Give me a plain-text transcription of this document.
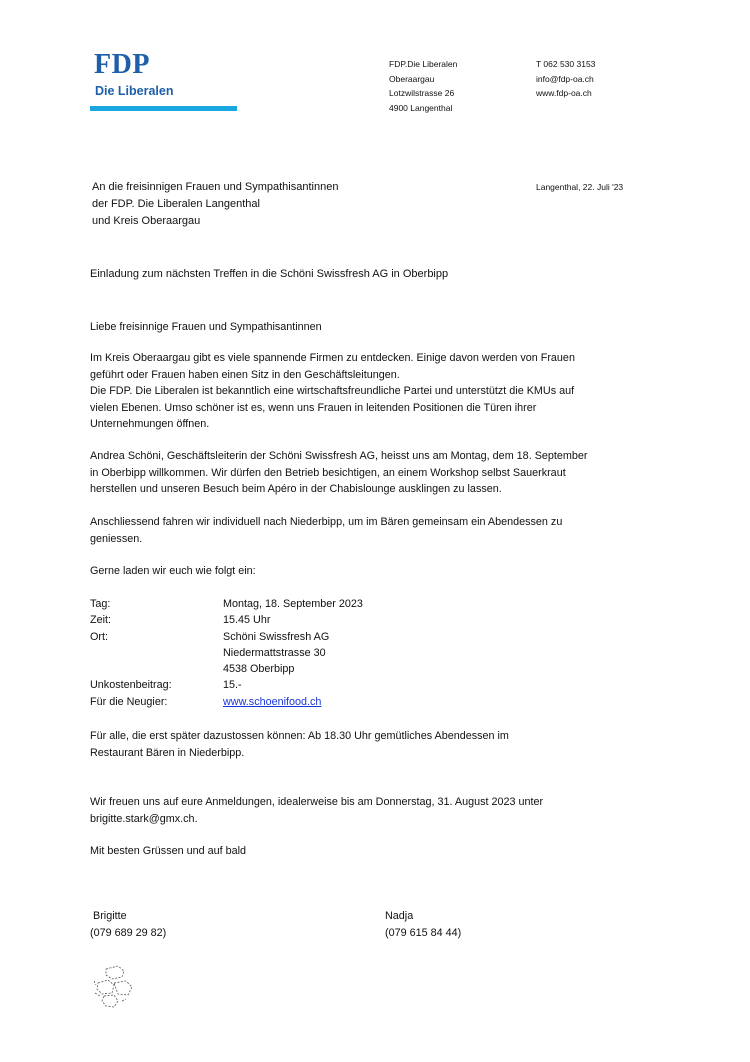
FDP
Die Liberalen
FDP.Die Liberalen
Oberaargau
Lotzwilstrasse 26
4900 Langenthal
T 062 530 3153
info@fdp-oa.ch
www.fdp-oa.ch
An die freisinnigen Frauen und Sympathisantinnen
der FDP. Die Liberalen Langenthal
und Kreis Oberaargau
Langenthal, 22. Juli '23
Einladung zum nächsten Treffen in die Schöni Swissfresh AG in Oberbipp
Liebe freisinnige Frauen und Sympathisantinnen
Im Kreis Oberaargau gibt es viele spannende Firmen zu entdecken. Einige davon werden von Frauen
geführt oder Frauen haben einen Sitz in den Geschäftsleitungen.
Die FDP. Die Liberalen ist bekanntlich eine wirtschaftsfreundliche Partei und unterstützt die KMUs auf
vielen Ebenen. Umso schöner ist es, wenn uns Frauen in leitenden Positionen die Türen ihrer
Unternehmungen öffnen.
Andrea Schöni, Geschäftsleiterin der Schöni Swissfresh AG, heisst uns am Montag, dem 18. September
in Oberbipp willkommen. Wir dürfen den Betrieb besichtigen, an einem Workshop selbst Sauerkraut
herstellen und unseren Besuch beim Apéro in der Chabislounge ausklingen zu lassen.
Anschliessend fahren wir individuell nach Niederbipp, um im Bären gemeinsam ein Abendessen zu
geniessen.
Gerne laden wir euch wie folgt ein:
Tag:	Montag, 18. September 2023
Zeit:	15.45 Uhr
Ort:	Schöni Swissfresh AG
Niedermattstrasse 30
4538 Oberbipp
Unkostenbeitrag:	15.-
Für die Neugier:	www.schoenifood.ch
Für alle, die erst später dazustossen können: Ab 18.30 Uhr gemütliches Abendessen im
Restaurant Bären in Niederbipp.
Wir freuen uns auf eure Anmeldungen, idealerweise bis am Donnerstag, 31. August 2023 unter
brigitte.stark@gmx.ch.
Mit besten Grüssen und auf bald
Brigitte
(079 689 29 82)
Nadja
(079 615 84 44)
